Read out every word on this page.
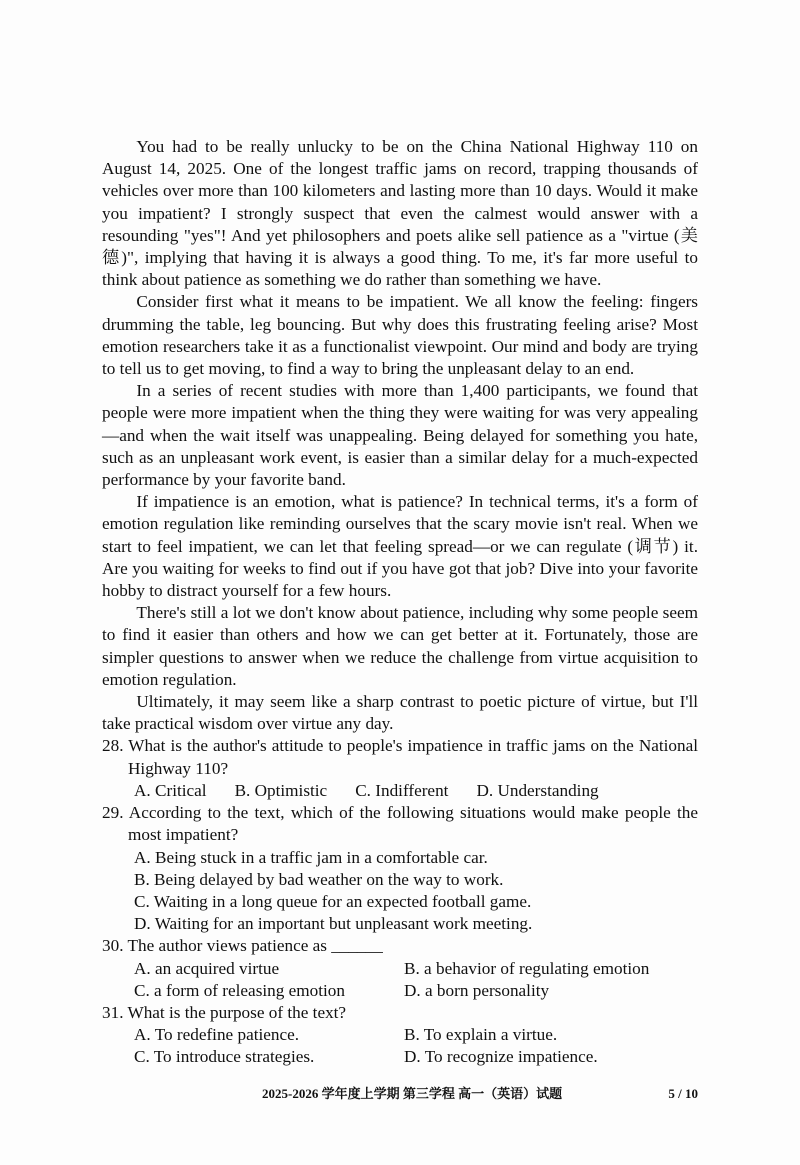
You had to be really unlucky to be on the China National Highway 110 on August 14, 2025. One of the longest traffic jams on record, trapping thousands of vehicles over more than 100 kilometers and lasting more than 10 days. Would it make you impatient? I strongly suspect that even the calmest would answer with a resounding "yes"! And yet philosophers and poets alike sell patience as a "virtue (美德)", implying that having it is always a good thing. To me, it's far more useful to think about patience as something we do rather than something we have.

Consider first what it means to be impatient. We all know the feeling: fingers drumming the table, leg bouncing. But why does this frustrating feeling arise? Most emotion researchers take it as a functionalist viewpoint. Our mind and body are trying to tell us to get moving, to find a way to bring the unpleasant delay to an end.

In a series of recent studies with more than 1,400 participants, we found that people were more impatient when the thing they were waiting for was very appealing—and when the wait itself was unappealing. Being delayed for something you hate, such as an unpleasant work event, is easier than a similar delay for a much-expected performance by your favorite band.

If impatience is an emotion, what is patience? In technical terms, it's a form of emotion regulation like reminding ourselves that the scary movie isn't real. When we start to feel impatient, we can let that feeling spread—or we can regulate (调节) it. Are you waiting for weeks to find out if you have got that job? Dive into your favorite hobby to distract yourself for a few hours.

There's still a lot we don't know about patience, including why some people seem to find it easier than others and how we can get better at it. Fortunately, those are simpler questions to answer when we reduce the challenge from virtue acquisition to emotion regulation.

Ultimately, it may seem like a sharp contrast to poetic picture of virtue, but I'll take practical wisdom over virtue any day.

28. What is the author's attitude to people's impatience in traffic jams on the National Highway 110?
A. Critical B. Optimistic C. Indifferent D. Understanding
29. According to the text, which of the following situations would make people the most impatient?
A. Being stuck in a traffic jam in a comfortable car.
B. Being delayed by bad weather on the way to work.
C. Waiting in a long queue for an expected football game.
D. Waiting for an important but unpleasant work meeting.
30. The author views patience as ______
A. an acquired virtue	B. a behavior of regulating emotion
C. a form of releasing emotion	D. a born personality
31. What is the purpose of the text?
A. To redefine patience.	B. To explain a virtue.
C. To introduce strategies.	D. To recognize impatience.
2025-2026 学年度上学期 第三学程 高一（英语）试题	5 / 10
